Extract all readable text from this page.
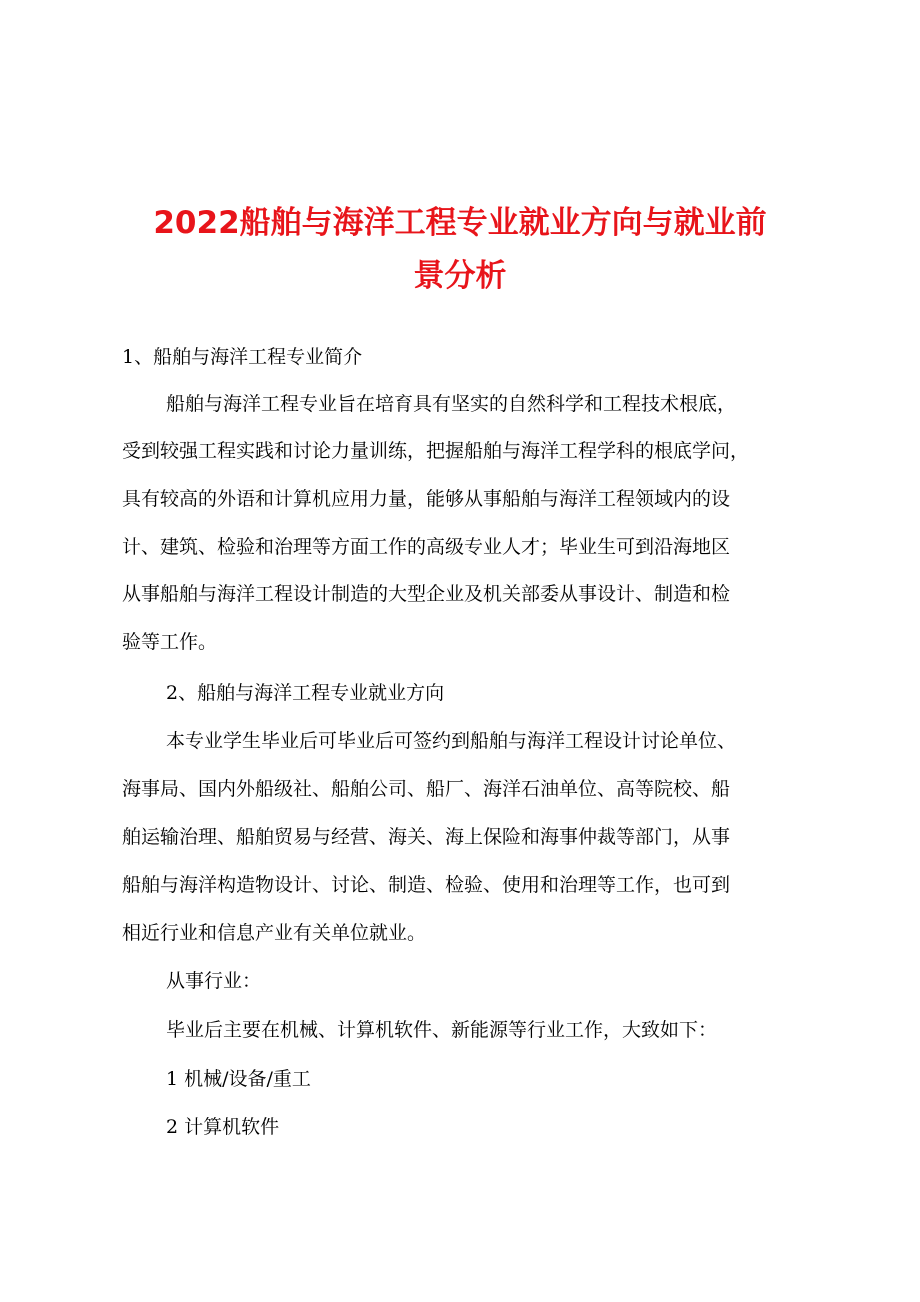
2022船舶与海洋工程专业就业方向与就业前
景分析
1、船舶与海洋工程专业简介
船舶与海洋工程专业旨在培育具有坚实的自然科学和工程技术根底，
受到较强工程实践和讨论力量训练，把握船舶与海洋工程学科的根底学问，
具有较高的外语和计算机应用力量，能够从事船舶与海洋工程领域内的设
计、建筑、检验和治理等方面工作的高级专业人才；毕业生可到沿海地区
从事船舶与海洋工程设计制造的大型企业及机关部委从事设计、制造和检
验等工作。
2、船舶与海洋工程专业就业方向
本专业学生毕业后可毕业后可签约到船舶与海洋工程设计讨论单位、
海事局、国内外船级社、船舶公司、船厂、海洋石油单位、高等院校、船
舶运输治理、船舶贸易与经营、海关、海上保险和海事仲裁等部门，从事
船舶与海洋构造物设计、讨论、制造、检验、使用和治理等工作，也可到
相近行业和信息产业有关单位就业。
从事行业：
毕业后主要在机械、计算机软件、新能源等行业工作，大致如下：
1 机械/设备/重工
2 计算机软件
